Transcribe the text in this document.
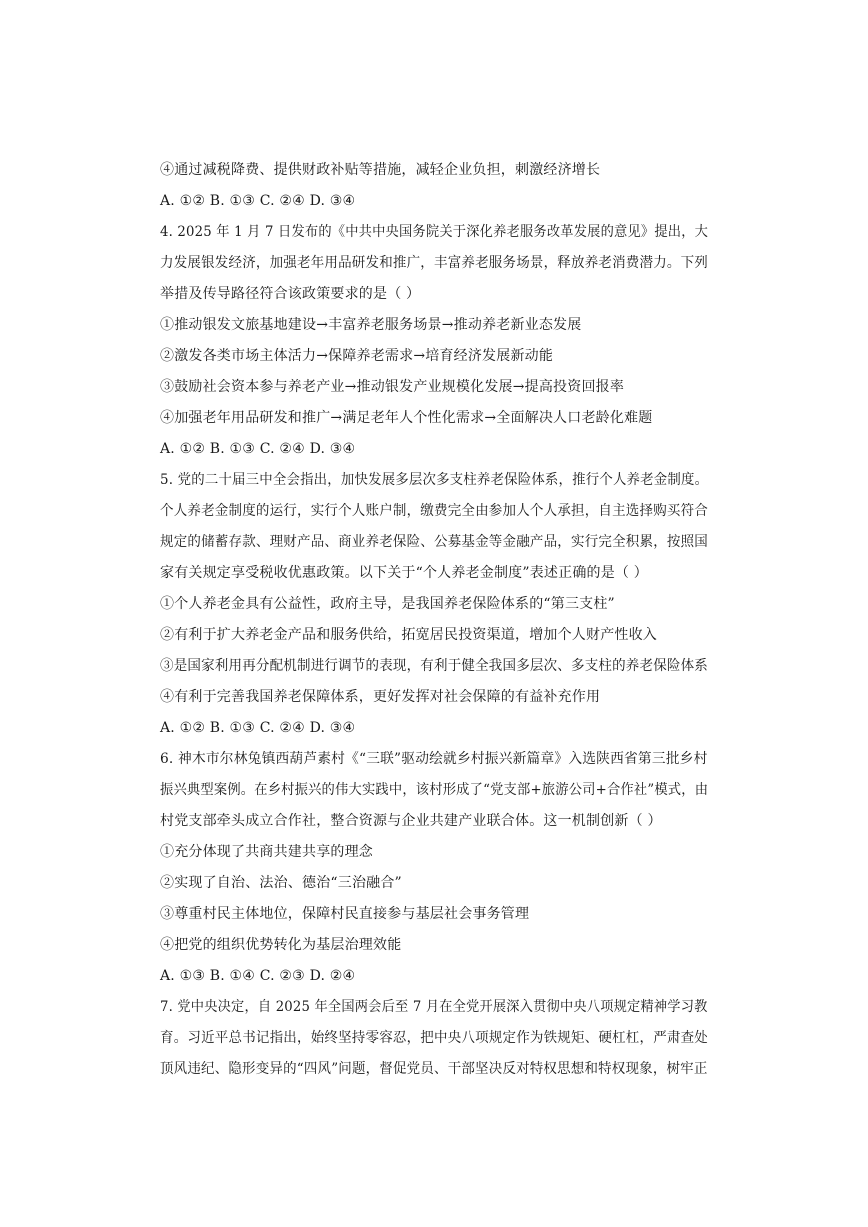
④通过减税降费、提供财政补贴等措施，减轻企业负担，刺激经济增长
A. ①② B. ①③ C. ②④ D. ③④
4. 2025 年 1 月 7 日发布的《中共中央国务院关于深化养老服务改革发展的意见》提出，大
力发展银发经济，加强老年用品研发和推广，丰富养老服务场景，释放养老消费潜力。下列
举措及传导路径符合该政策要求的是（ ）
①推动银发文旅基地建设→丰富养老服务场景→推动养老新业态发展
②激发各类市场主体活力→保障养老需求→培育经济发展新动能
③鼓励社会资本参与养老产业→推动银发产业规模化发展→提高投资回报率
④加强老年用品研发和推广→满足老年人个性化需求→全面解决人口老龄化难题
A. ①② B. ①③ C. ②④ D. ③④
5. 党的二十届三中全会指出，加快发展多层次多支柱养老保险体系，推行个人养老金制度。
个人养老金制度的运行，实行个人账户制，缴费完全由参加人个人承担，自主选择购买符合
规定的储蓄存款、理财产品、商业养老保险、公募基金等金融产品，实行完全积累，按照国
家有关规定享受税收优惠政策。以下关于“个人养老金制度”表述正确的是（ ）
①个人养老金具有公益性，政府主导，是我国养老保险体系的“第三支柱”
②有利于扩大养老金产品和服务供给，拓宽居民投资渠道，增加个人财产性收入
③是国家利用再分配机制进行调节的表现，有利于健全我国多层次、多支柱的养老保险体系
④有利于完善我国养老保障体系，更好发挥对社会保障的有益补充作用
A. ①② B. ①③ C. ②④ D. ③④
6. 神木市尔林兔镇西葫芦素村《“三联”驱动绘就乡村振兴新篇章》入选陕西省第三批乡村
振兴典型案例。在乡村振兴的伟大实践中，该村形成了“党支部+旅游公司+合作社”模式，由
村党支部牵头成立合作社，整合资源与企业共建产业联合体。这一机制创新（ ）
①充分体现了共商共建共享的理念
②实现了自治、法治、德治“三治融合”
③尊重村民主体地位，保障村民直接参与基层社会事务管理
④把党的组织优势转化为基层治理效能
A. ①③ B. ①④ C. ②③ D. ②④
7. 党中央决定，自 2025 年全国两会后至 7 月在全党开展深入贯彻中央八项规定精神学习教
育。习近平总书记指出，始终坚持零容忍，把中央八项规定作为铁规矩、硬杠杠，严肃查处
顶风违纪、隐形变异的“四风”问题，督促党员、干部坚决反对特权思想和特权现象，树牢正
